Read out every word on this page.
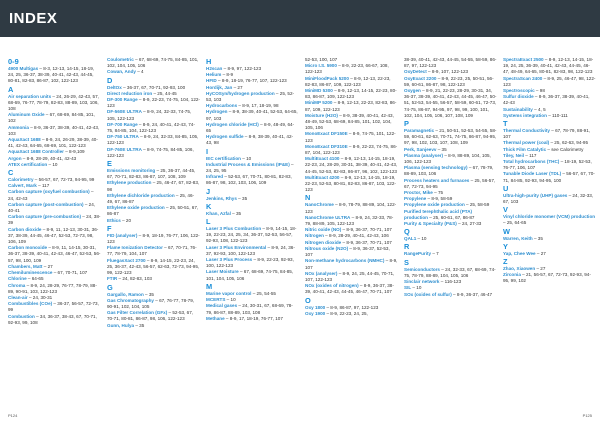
INDEX
0-9
4900 Multigas – 8-3, 12-13, 14-15, 18-19, 24, 25, 36-37, 38-39, 40-41, 42-43, 44-45, 80-81, 82-83, 86-87, 102, 122-123
A
Air separation units – 24, 26-29, 42-43, 57, 68-69, 76-77, 78-79, 82-83, 88-89, 103, 106, 108
Aluminum Oxide – 67, 68-69, 84-85, 101, 102
Ammonia – 8-9, 36-37, 38-39, 40-41, 42-43, 103
AquaXact 1688 – 8-9, 24, 26-29, 38-39, 40-41, 42-43, 64-65, 68-69, 101, 122-123
AquaXact 1688 Controller – 8-9,109
Argon – 8-9, 28-29, 40-41, 42-43
ATEX certification – 10
C
Calorimetry – 56-57, 67, 72-73, 94-95, 99
Calvert, Mark – 117
Carbon capture (oxyfuel combustion) – 24, 42-43
Carbon capture (post-combustion) – 24, 40-41
Carbon capture (pre-combustion) – 24, 38-39
Carbon dioxide – 8-9, 11, 12-13, 30-31, 36-37, 38-39, 44-45, 46-47, 52-53, 72-73, 98, 106, 109
Carbon monoxide – 8-9, 11, 14-15, 30-31, 36-37, 38-39, 40-41, 42-43, 46-47, 52-53, 56-57, 98, 100, 109
Chambers, Matt – 27
Chemiluminescence – 67, 70-71, 107
Chlorine – 64-65
Chroma – 8-9, 24, 28-29, 76-77, 78-79, 88-89, 90-91, 103, 122-123
Clean-air – 24, 30-31
Combustibles (COe) – 36-37, 56-57, 72-73, 99
Combustion – 34, 36-37, 38-43, 67, 70-71, 92-93, 99, 108
Coulometric – 67, 68-69, 74-75, 84-85, 101, 102, 104, 105, 106
Cowan, Andy – 4
D
DeltOx – 36-37, 67, 70-71, 92-93, 100
Direct reduction iron – 25, 44-45
DF-300 Range – 8-9, 22-23, 74-75, 104, 122-123
DF-560E ULTRA – 8-9, 24, 32-33, 74-75, 105, 122-123
DF-700 Range – 8-9, 24, 40-41, 42-43, 74-75, 84-85, 104, 122-123
DF-750 ULTRA – 8-9, 24, 32-33, 84-85, 105, 122-123
DF-760E ULTRA – 8-9, 74-75, 84-85, 106, 122-123
E
Emissions monitoring – 25, 36-37, 44-45, 67, 70-71, 82-83, 86-87, 107, 108, 109
Ethylene production – 25, 46-47, 67, 82-83, 98
Ethylene dichloride production – 25, 46-49, 67, 86-87
Ethylene oxide production – 25, 50-51, 67, 86-87
Ethics – 20
F
FID (analyser) – 8-9, 18-19, 76-77, 106, 122-123
Flame Ionization Detector – 67, 70-71, 76-77, 78-79, 104, 107
FluegasXact 2700 – 8-9, 14-15, 22-23, 24, 25, 36-37, 42-43, 56-57, 62-63, 72-73, 94-95, 99, 122-123
FTIR – 24, 82-83, 103
G
Gargallo, Ramon – 35
Gas Chromatography – 67, 76-77, 78-79, 90-91, 102, 104, 105
Gas Filter Correlation (GFx) – 52-53, 67, 70-71, 80-81, 86-87, 98, 106, 122-123
Gunn, Hulya – 35
H
H2scan – 8-9, 97, 122-123
Helium – 8-9
HFID – 8-9, 18-19, 76-77, 107, 122-123
Hordijk, Jan – 27
HyCOSyn/hydrogen production – 25, 52-53, 103
Hydrocarbons – 8-9, 17, 18-19, 98
Hydrogen – 8-9, 38-39, 40-41, 52-53, 64-65, 97, 103
Hydrogen chloride (HCl) – 8-9, 48-49, 64-65
Hydrogen sulfide – 8-9, 38-39, 40-41, 42-43, 98
I
IEC certification – 10
Industrial Process & Emissions (IP&E) – 24, 25, 95
Infrared – 52-53, 67, 70-71, 80-81, 82-83, 86-87, 98, 102, 103, 106, 109
J
Jenkins, Rhys – 35
K
Khan, Azfal – 35
L
Laser 3 Plus Combustion – 8-9, 14-15, 18-19, 22-23, 24, 25, 34, 36-37, 52-53, 56-57, 92-93, 108, 122-123
Laser 3 Plus Environmental – 8-9, 24, 36-37, 92-93, 100, 122-123
Laser 3 Plus Process – 8-9, 22-23, 92-93, 100, 122-123
Laser Moisture – 67, 68-69, 74-75, 84-85, 101, 104, 105, 106
M
Marine vapor control – 25, 54-55
MCERTS – 10
Medical gases – 24, 30-31, 67, 68-69, 78-79, 86-87, 88-89, 103, 108
Methane – 8-9, 17, 18-19, 76-77, 107
52-53, 100, 107
Micro I.S. 5900 – 8-9, 22-23, 66-67, 108, 122-123
MiniFloodPack 5200 – 8-9, 12-13, 22-23, 82-83, 86-87, 109, 122-123
MiniMD 5300 – 8-9, 12-13, 14-15, 22-23, 80-83, 86-87, 109, 122-123
MiniMP 5200 – 8-9, 12-13, 22-23, 82-83, 86-87, 109, 122-123
Moisture (H2O) – 8-9, 38-39, 40-41, 42-43, 48-49, 52-53, 68-69, 84-85, 101, 102, 104, 105, 106
MonoExact DF150E – 8-9, 74-75, 101, 122-123
MonoExact DF310E – 8-9, 22-23, 74-75, 86-87, 104, 122-123
MultiExact 4100 – 8-9, 12-13, 14-15, 18-19, 22-23, 24, 28-29, 30-31, 38-39, 40-41, 42-43, 44-45, 52-53, 82-83, 86-87, 96, 102, 122-123
MultiExact 4200 – 8-9, 12-13, 14-15, 18-19, 22-23, 52-53, 80-81, 82-83, 86-87, 103, 122-123
N
NanoChrome – 8-9, 78-79, 88-89, 104, 122-123
NanoChrome ULTRA – 8-9, 24, 32-33, 78-79, 88-89, 105, 122-123
Nitric oxide (NO) – 8-9, 36-37, 70-71, 107
Nitrogen – 8-9, 28-29, 40-41, 42-43, 106
Nitrogen dioxide – 8-9, 36-37, 70-71, 107
Nitrous oxide (N2O) – 8-9, 36-37, 52-53, 107
Non-methane hydrocarbons (NMHC) – 8-9, 107
NOx (analyser) – 8-9, 24, 25, 44-45, 70-71, 107, 122-123
NOx (oxides of nitrogen) – 8-9, 36-37, 38-39, 40-41, 42-43, 44-45, 46-47, 70-71, 107
O
Oxy 1800 – 8-9, 86-87, 97, 122-123
Oxy 1900 – 8-9, 22-23, 24, 25,
38-39, 40-41, 42-43, 44-45, 54-55, 58-59, 86-87, 97, 122-123
OxyDetect – 8-9, 107, 122-123
OxyExact 2200 – 8-9, 22-23, 25, 50-51, 56-59, 60-61, 86-87, 98, 122-123
Oxygen – 8-9, 21, 22-23, 28-29, 30-31, 34, 36-37, 38-39, 40-41, 42-43, 44-45, 46-47, 50-51, 52-53, 54-55, 56-57, 58-59, 60-61, 72-73, 74-75, 86-87, 94-95, 97, 98, 99, 100, 101, 102, 104, 105, 106, 107, 108, 109
P
Paramagnetic – 21, 50-51, 52-53, 54-55, 58-59, 60-61, 62-63, 70-71, 74-75, 86-87, 94-95, 97, 98, 102, 103, 107, 108, 109
Perk, Sanjeevv – 35
Plasma (analyser) – 8-9, 88-89, 104, 105, 106, 122-123
Plasma (sensing technology) – 67, 78-79, 88-89, 103, 106
Process heaters and furnaces – 25, 56-57, 67, 72-73, 94-95
Proctor, Mike – 75
Propylene – 8-9, 58-59
Propylene oxide production – 25, 58-59
Purified terephthalic acid (PTA) production – 25, 60-61, 67, 86-87
Purity & Specialty (P&S) – 24, 27-33
Q
QAL1 – 10
R
RangePurity – 7
S
Semiconductors – 24, 32-33, 67, 68-69, 74-75, 78-79, 88-89, 104, 105, 106
Sinclair network – 116-123
SIL – 10
SOx (oxides of sulfur) – 8-9, 36-37, 46-47
SpectraExact 2500 – 8-9, 12-13, 14-15, 18-19, 24, 25, 36-39, 40-41, 42-43, 44-45, 46-47, 48-49, 64-65, 80-81, 82-83, 98, 122-123
SpectraScan 2400 – 8-9, 25, 46-47, 98, 122-123
Spectroscopic – 98
Sulfur dioxide – 8-9, 36-37, 38-39, 40-41, 42-43
Sustainability – 4, 5
Systems integration – 110-111
T
Thermal Conductivity – 67, 78-79, 88-91, 107
Thermal power (coal) – 25, 62-63, 94-95
Thick Film Catalytic – see Calorimetry
Tiley, Neil – 117
Total hydrocarbons (THC) – 18-19, 52-53, 76-77, 106, 107
Tunable Diode Laser (TDL) – 56-57, 67, 70-71, 84-85, 92-93, 94-95, 100
U
Ultra-high-purity (UHP) gases – 24, 32-33, 67, 103
V
Vinyl chloride monomer (VCM) production – 25, 64-65
W
Warren, Keith – 35
Y
Yap, Chee Wee – 27
Z
Zhao, Xiaowen – 27
Zirconia – 21, 56-57, 67, 72-73, 92-93, 94-95, 99, 102
P124	P125
